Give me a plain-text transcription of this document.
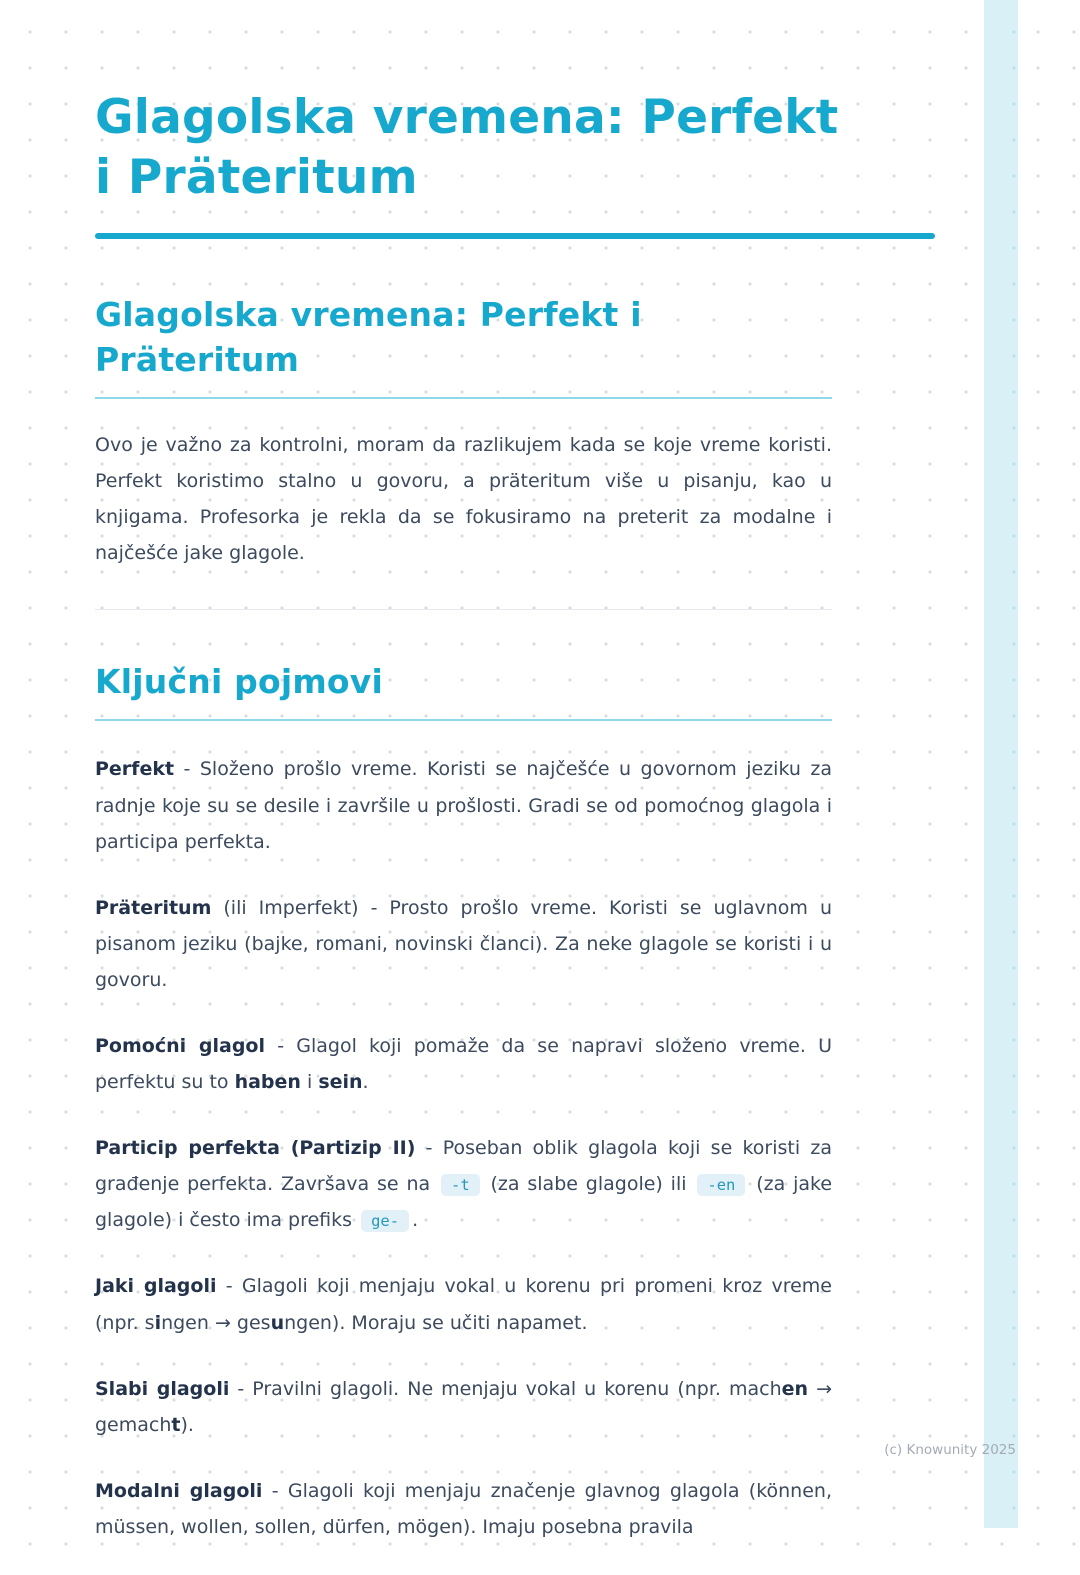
Glagolska vremena: Perfekt
i Präteritum
Glagolska vremena: Perfekt i
Präteritum

Ovo je važno za kontrolni, moram da razlikujem kada se koje vreme koristi. Perfekt koristimo stalno u govoru, a präteritum više u pisanju, kao u knjigama. Profesorka je rekla da se fokusiramo na preterit za modalne i najčešće jake glagole.

Ključni pojmovi

Perfekt - Složeno prošlo vreme. Koristi se najčešće u govornom jeziku za radnje koje su se desile i završile u prošlosti. Gradi se od pomoćnog glagola i participa perfekta.

Präteritum (ili Imperfekt) - Prosto prošlo vreme. Koristi se uglavnom u pisanom jeziku (bajke, romani, novinski članci). Za neke glagole se koristi i u govoru.

Pomoćni glagol - Glagol koji pomaže da se napravi složeno vreme. U perfektu su to haben i sein.

Particip perfekta (Partizip II) - Poseban oblik glagola koji se koristi za građenje perfekta. Završava se na -t (za slabe glagole) ili -en (za jake glagole) i često ima prefiks ge- .

Jaki glagoli - Glagoli koji menjaju vokal u korenu pri promeni kroz vreme (npr. singen → gesungen). Moraju se učiti napamet.

Slabi glagoli - Pravilni glagoli. Ne menjaju vokal u korenu (npr. machen → gemacht).

Modalni glagoli - Glagoli koji menjaju značenje glavnog glagola (können, müssen, wollen, sollen, dürfen, mögen). Imaju posebna pravila

(c) Knowunity 2025
